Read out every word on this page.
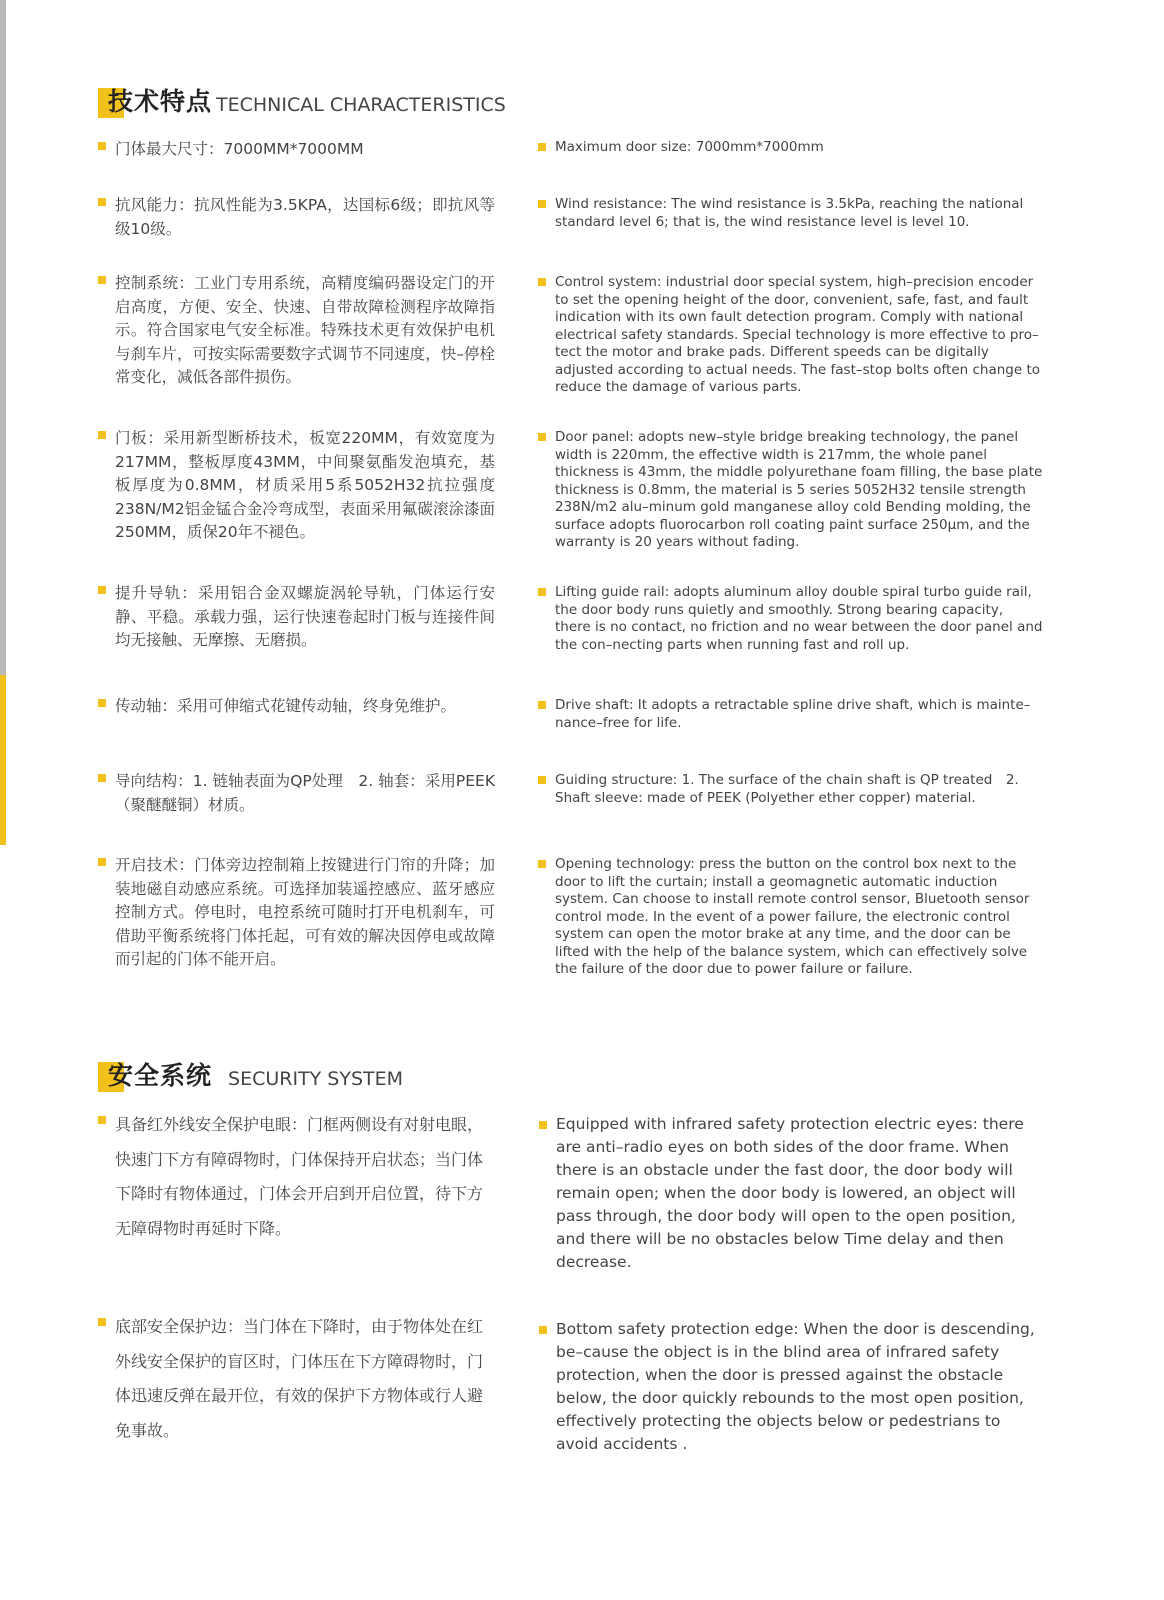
技术特点 TECHNICAL CHARACTERISTICS
门体最大尺寸：7000MM*7000MM
抗风能力：抗风性能为3.5KPA，达国标6级；即抗风等级10级。
控制系统：工业门专用系统，高精度编码器设定门的开启高度，方便、安全、快速、自带故障检测程序故障指示。符合国家电气安全标准。特殊技术更有效保护电机与刹车片，可按实际需要数字式调节不同速度，快–停栓常变化，减低各部件损伤。
门板：采用新型断桥技术，板宽220MM，有效宽度为217MM，整板厚度43MM，中间聚氨酯发泡填充，基板厚度为0.8MM，材质采用5系5052H32抗拉强度238N/M2铝金锰合金冷弯成型，表面采用氟碳滚涂漆面250MM，质保20年不褪色。
提升导轨：采用铝合金双螺旋涡轮导轨，门体运行安静、平稳。承载力强，运行快速卷起时门板与连接件间均无接触、无摩擦、无磨损。
传动轴：采用可伸缩式花键传动轴，终身免维护。
导向结构：1. 链轴表面为QP处理　2. 轴套：采用PEEK（聚醚醚铜）材质。
开启技术：门体旁边控制箱上按键进行门帘的升降；加装地磁自动感应系统。可选择加装遥控感应、蓝牙感应控制方式。停电时，电控系统可随时打开电机刹车，可借助平衡系统将门体托起，可有效的解决因停电或故障而引起的门体不能开启。
Maximum door size: 7000mm*7000mm
Wind resistance: The wind resistance is 3.5kPa, reaching the national standard level 6; that is, the wind resistance level is level 10.
Control system: industrial door special system, high–precision encoder to set the opening height of the door, convenient, safe, fast, and fault indication with its own fault detection program. Comply with national electrical safety standards. Special technology is more effective to pro–tect the motor and brake pads. Different speeds can be digitally adjusted according to actual needs. The fast–stop bolts often change to reduce the damage of various parts.
Door panel: adopts new–style bridge breaking technology, the panel width is 220mm, the effective width is 217mm, the whole panel thickness is 43mm, the middle polyurethane foam filling, the base plate thickness is 0.8mm, the material is 5 series 5052H32 tensile strength 238N/m2 alu–minum gold manganese alloy cold Bending molding, the surface adopts fluorocarbon roll coating paint surface 250μm, and the warranty is 20 years without fading.
Lifting guide rail: adopts aluminum alloy double spiral turbo guide rail, the door body runs quietly and smoothly. Strong bearing capacity, there is no contact, no friction and no wear between the door panel and the con–necting parts when running fast and roll up.
Drive shaft: It adopts a retractable spline drive shaft, which is mainte–nance–free for life.
Guiding structure: 1. The surface of the chain shaft is QP treated　2. Shaft sleeve: made of PEEK (Polyether ether copper) material.
Opening technology: press the button on the control box next to the door to lift the curtain; install a geomagnetic automatic induction system. Can choose to install remote control sensor, Bluetooth sensor control mode. In the event of a power failure, the electronic control system can open the motor brake at any time, and the door can be lifted with the help of the balance system, which can effectively solve the failure of the door due to power failure or failure.
安全系统 SECURITY SYSTEM
具备红外线安全保护电眼：门框两侧设有对射电眼，快速门下方有障碍物时，门体保持开启状态；当门体下降时有物体通过，门体会开启到开启位置，待下方无障碍物时再延时下降。
Equipped with infrared safety protection electric eyes: there are anti–radio eyes on both sides of the door frame. When there is an obstacle under the fast door, the door body will remain open; when the door body is lowered, an object will pass through, the door body will open to the open position, and there will be no obstacles below Time delay and then decrease.
底部安全保护边：当门体在下降时，由于物体处在红外线安全保护的盲区时，门体压在下方障碍物时，门体迅速反弹在最开位，有效的保护下方物体或行人避免事故。
Bottom safety protection edge: When the door is descending, be–cause the object is in the blind area of infrared safety protection, when the door is pressed against the obstacle below, the door quickly rebounds to the most open position, effectively protecting the objects below or pedestrians to avoid accidents .
